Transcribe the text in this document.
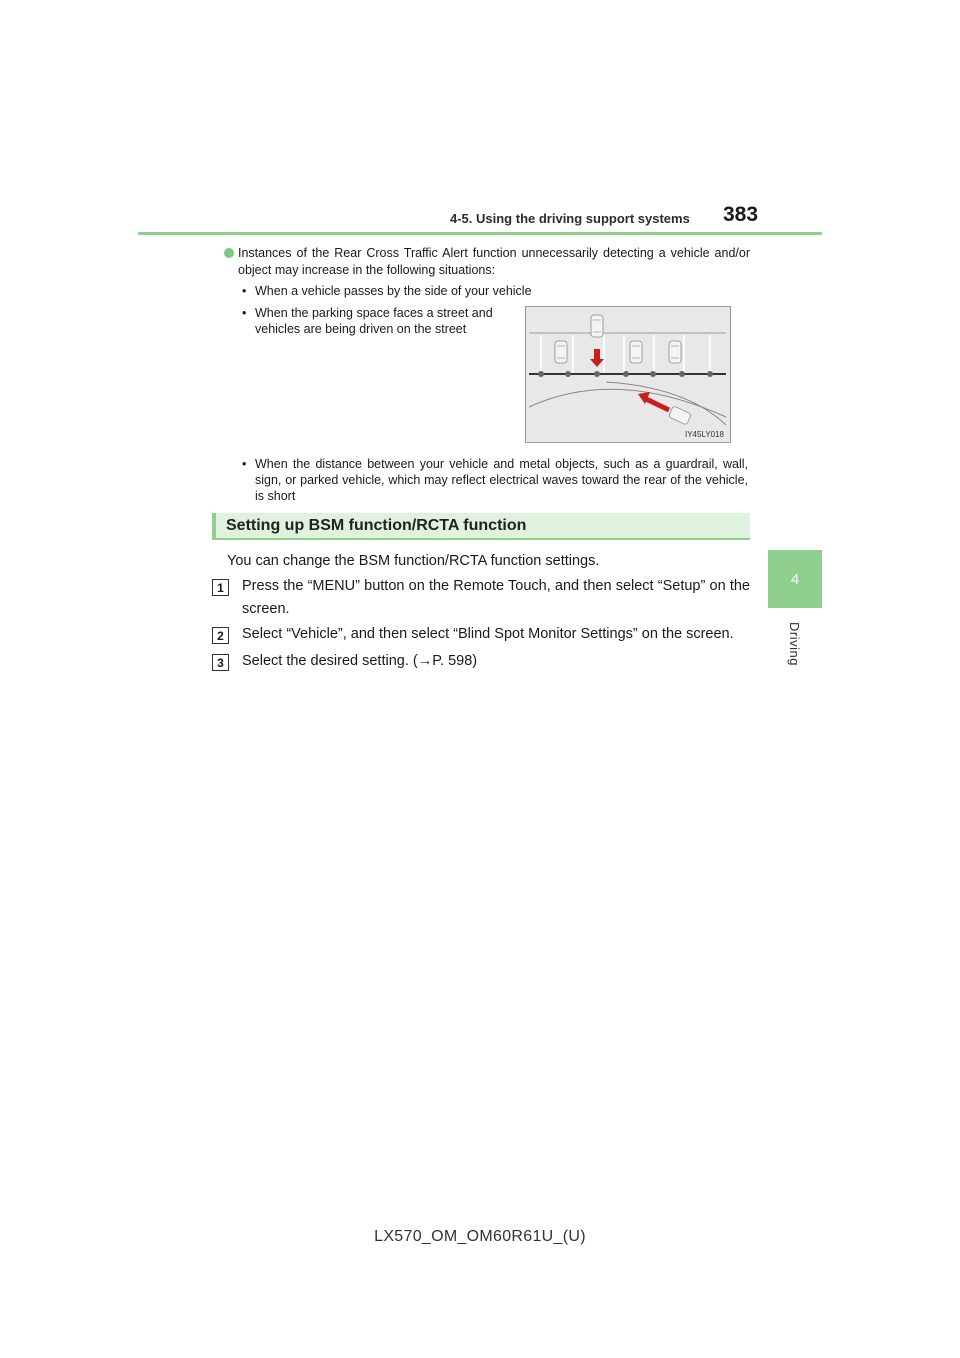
4-5. Using the driving support systems 383
4
Driving
Instances of the Rear Cross Traffic Alert function unnecessarily detecting a vehicle and/or object may increase in the following situations:
• When a vehicle passes by the side of your vehicle
• When the parking space faces a street and vehicles are being driven on the street
IY45LY018
• When the distance between your vehicle and metal objects, such as a guardrail, wall, sign, or parked vehicle, which may reflect electrical waves toward the rear of the vehicle, is short
Setting up BSM function/RCTA function
You can change the BSM function/RCTA function settings.
1	Press the “MENU” button on the Remote Touch, and then select “Setup” on the screen.
2	Select “Vehicle”, and then select “Blind Spot Monitor Settings” on the screen.
3	Select the desired setting. (→P. 598)
LX570_OM_OM60R61U_(U)
